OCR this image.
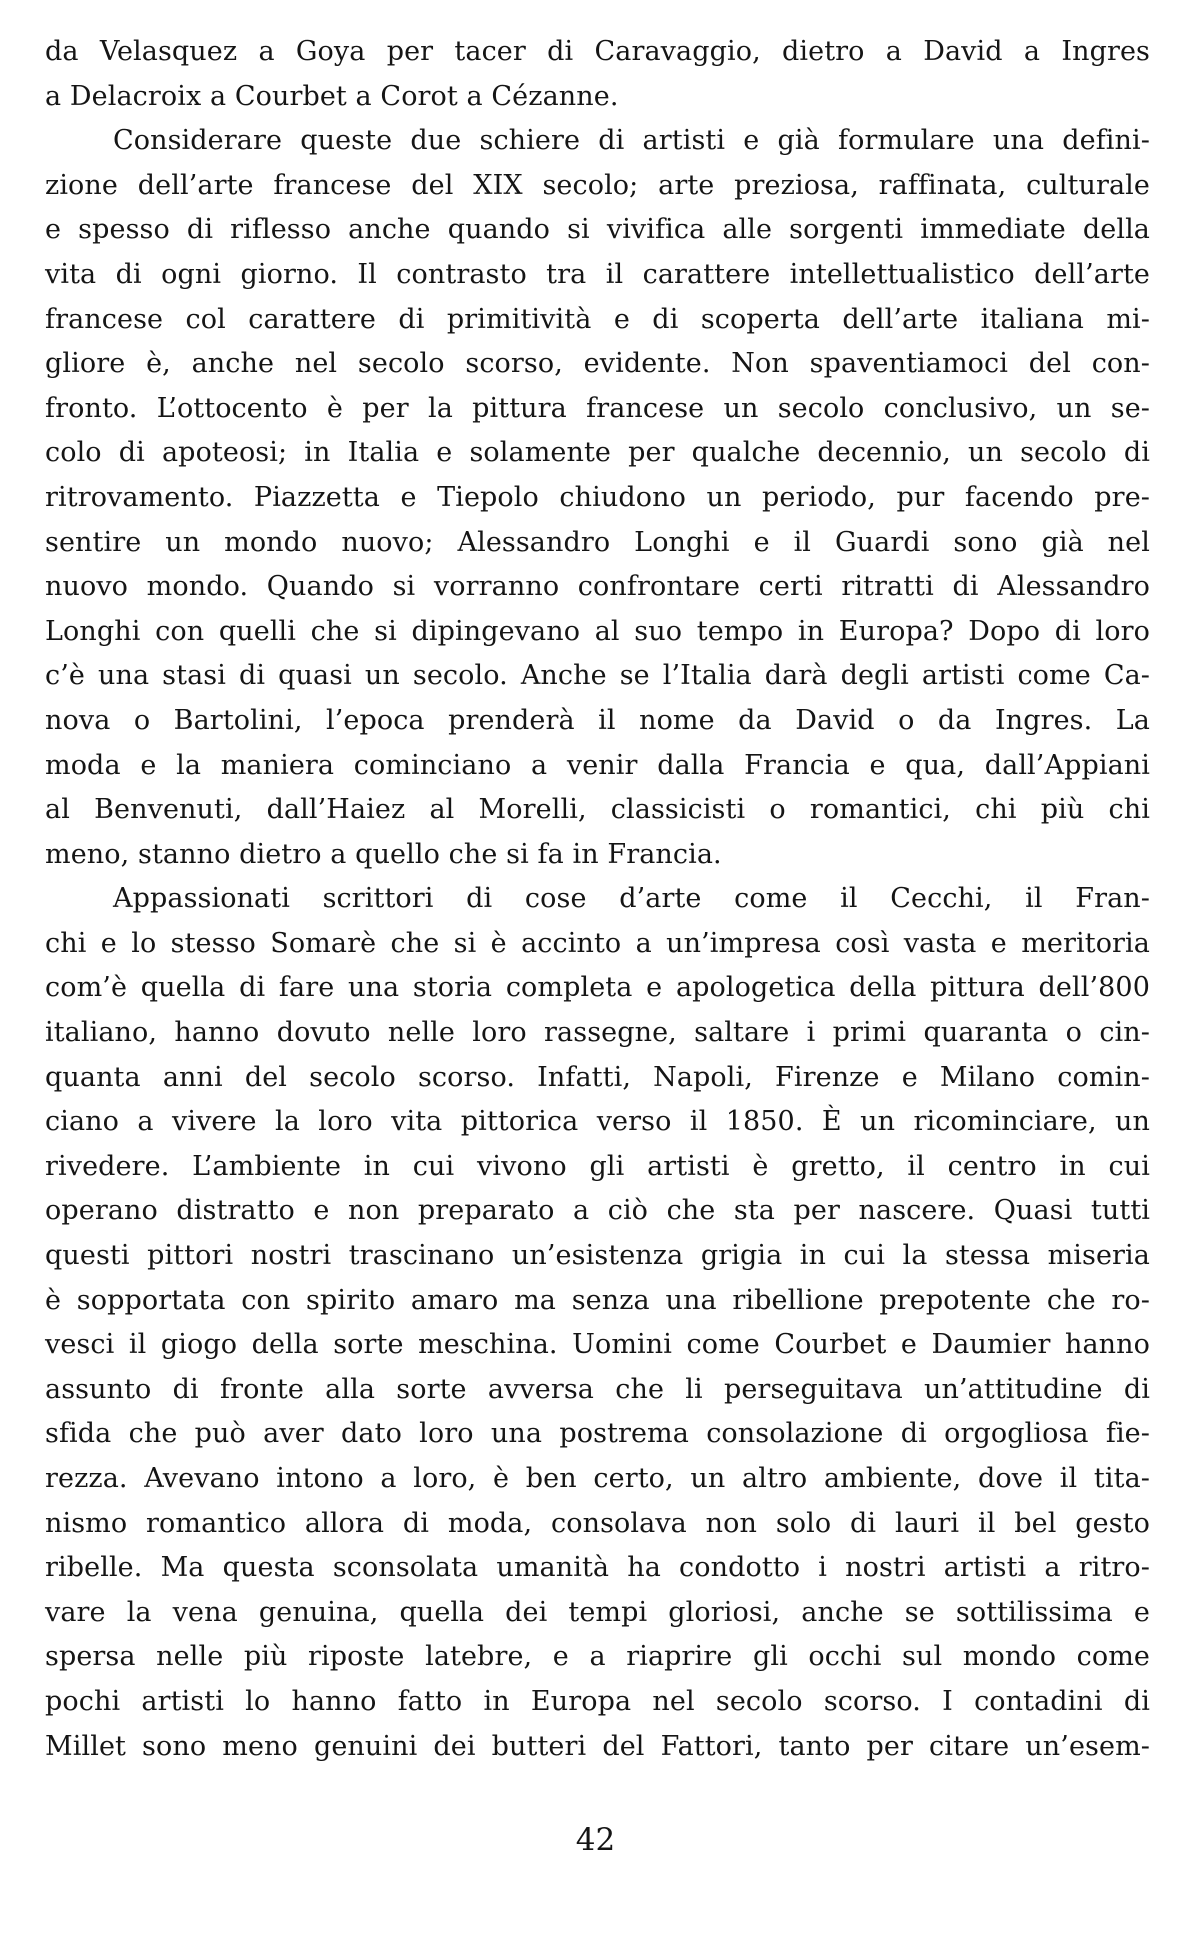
da Velasquez a Goya per tacer di Caravaggio, dietro a David a Ingres
a Delacroix a Courbet a Corot a Cézanne.
Considerare queste due schiere di artisti e già formulare una defini-
zione dell’arte francese del XIX secolo; arte preziosa, raffinata, culturale
e spesso di riflesso anche quando si vivifica alle sorgenti immediate della
vita di ogni giorno. Il contrasto tra il carattere intellettualistico dell’arte
francese col carattere di primitività e di scoperta dell’arte italiana mi-
gliore è, anche nel secolo scorso, evidente. Non spaventiamoci del con-
fronto. L’ottocento è per la pittura francese un secolo conclusivo, un se-
colo di apoteosi; in Italia e solamente per qualche decennio, un secolo di
ritrovamento. Piazzetta e Tiepolo chiudono un periodo, pur facendo pre-
sentire un mondo nuovo; Alessandro Longhi e il Guardi sono già nel
nuovo mondo. Quando si vorranno confrontare certi ritratti di Alessandro
Longhi con quelli che si dipingevano al suo tempo in Europa? Dopo di loro
c’è una stasi di quasi un secolo. Anche se l’Italia darà degli artisti come Ca-
nova o Bartolini, l’epoca prenderà il nome da David o da Ingres. La
moda e la maniera cominciano a venir dalla Francia e qua, dall’Appiani
al Benvenuti, dall’Haiez al Morelli, classicisti o romantici, chi più chi
meno, stanno dietro a quello che si fa in Francia.
Appassionati scrittori di cose d’arte come il Cecchi, il Fran-
chi e lo stesso Somarè che si è accinto a un’impresa così vasta e meritoria
com’è quella di fare una storia completa e apologetica della pittura dell’800
italiano, hanno dovuto nelle loro rassegne, saltare i primi quaranta o cin-
quanta anni del secolo scorso. Infatti, Napoli, Firenze e Milano comin-
ciano a vivere la loro vita pittorica verso il 1850. È un ricominciare, un
rivedere. L’ambiente in cui vivono gli artisti è gretto, il centro in cui
operano distratto e non preparato a ciò che sta per nascere. Quasi tutti
questi pittori nostri trascinano un’esistenza grigia in cui la stessa miseria
è sopportata con spirito amaro ma senza una ribellione prepotente che ro-
vesci il giogo della sorte meschina. Uomini come Courbet e Daumier hanno
assunto di fronte alla sorte avversa che li perseguitava un’attitudine di
sfida che può aver dato loro una postrema consolazione di orgogliosa fie-
rezza. Avevano intono a loro, è ben certo, un altro ambiente, dove il tita-
nismo romantico allora di moda, consolava non solo di lauri il bel gesto
ribelle. Ma questa sconsolata umanità ha condotto i nostri artisti a ritro-
vare la vena genuina, quella dei tempi gloriosi, anche se sottilissima e
spersa nelle più riposte latebre, e a riaprire gli occhi sul mondo come
pochi artisti lo hanno fatto in Europa nel secolo scorso. I contadini di
Millet sono meno genuini dei butteri del Fattori, tanto per citare un’esem-
42
